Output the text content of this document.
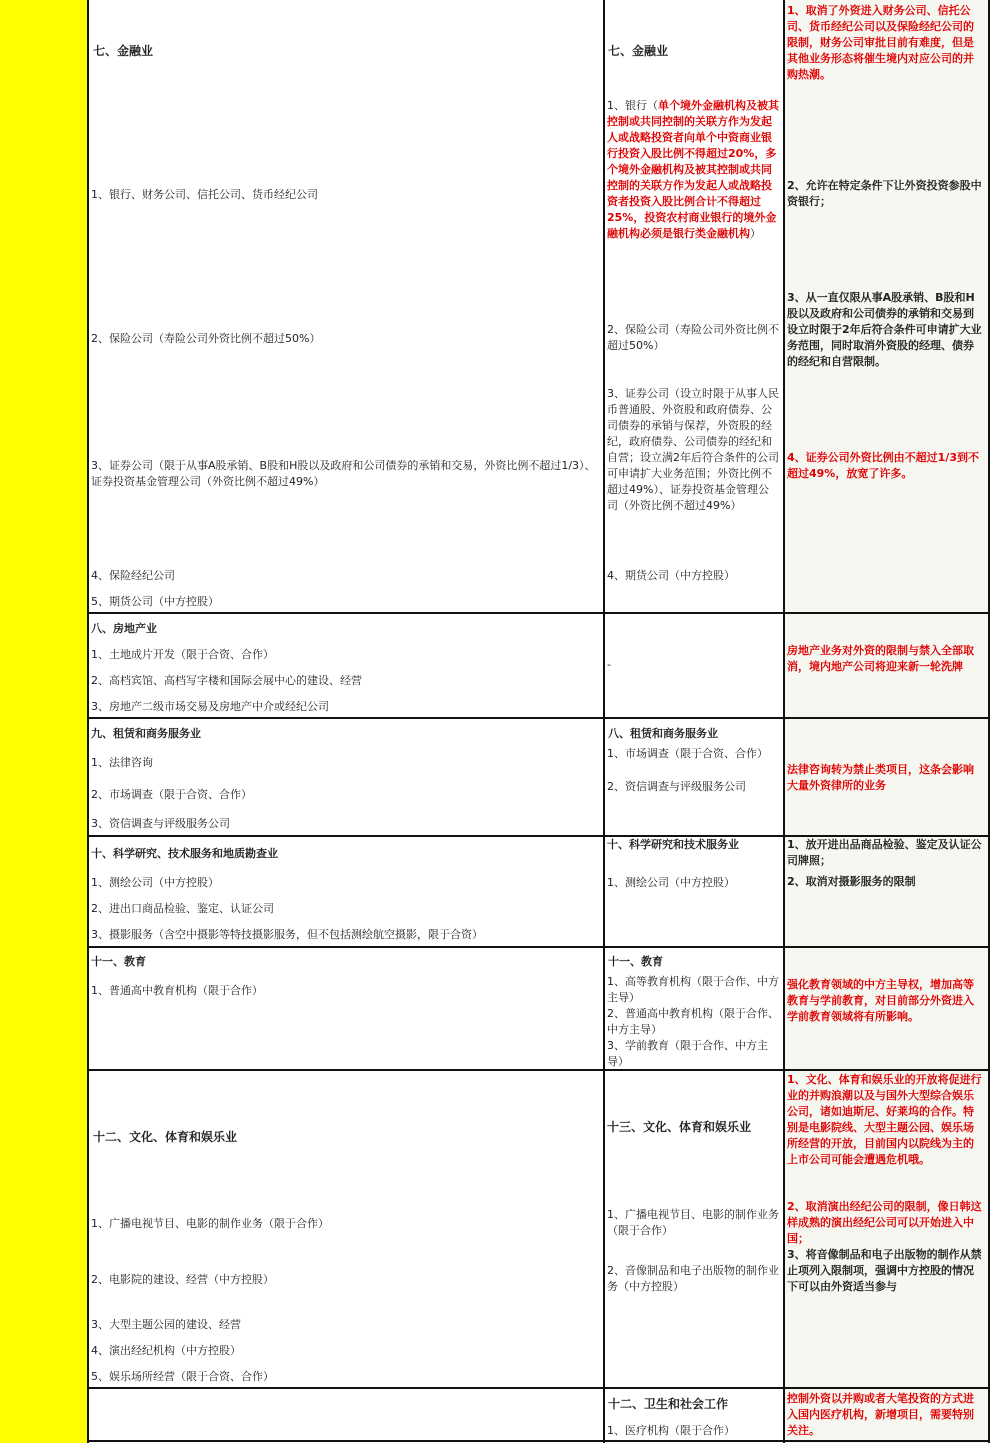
七、金融业
1、银行、财务公司、信托公司、货币经纪公司
2、保险公司（寿险公司外资比例不超过50%）
3、证券公司（限于从事A股承销、B股和H股以及政府和公司债券的承销和交易，外资比例不超过1/3）、证券投资基金管理公司（外资比例不超过49%）
4、保险经纪公司
5、期货公司（中方控股）
七、金融业
1、银行（单个境外金融机构及被其控制或共同控制的关联方作为发起人或战略投资者向单个中资商业银行投资入股比例不得超过20%，多个境外金融机构及被其控制或共同控制的关联方作为发起人或战略投资者投资入股比例合计不得超过25%，投资农村商业银行的境外金融机构必须是银行类金融机构）
2、保险公司（寿险公司外资比例不超过50%）
3、证券公司（设立时限于从事人民币普通股、外资股和政府债券、公司债券的承销与保荐，外资股的经纪，政府债券、公司债券的经纪和自营；设立满2年后符合条件的公司可申请扩大业务范围；外资比例不超过49%）、证券投资基金管理公司（外资比例不超过49%）
4、期货公司（中方控股）
1、取消了外资进入财务公司、信托公司、货币经纪公司以及保险经纪公司的限制，财务公司审批目前有难度，但是其他业务形态将催生境内对应公司的并购热潮。
2、允许在特定条件下让外资投资参股中资银行；
3、从一直仅限从事A股承销、B股和H股以及政府和公司债券的承销和交易到设立时限于2年后符合条件可申请扩大业务范围，同时取消外资股的经理、债券的经纪和自营限制。
4、证券公司外资比例由不超过1/3到不超过49%，放宽了许多。
八、房地产业
1、土地成片开发（限于合资、合作）
2、高档宾馆、高档写字楼和国际会展中心的建设、经营
3、房地产二级市场交易及房地产中介或经纪公司
-
房地产业务对外资的限制与禁入全部取消，境内地产公司将迎来新一轮洗牌
九、租赁和商务服务业
1、法律咨询
2、市场调查（限于合资、合作）
3、资信调查与评级服务公司
八、租赁和商务服务业
1、市场调查（限于合资、合作）
2、资信调查与评级服务公司
法律咨询转为禁止类项目，这条会影响大量外资律所的业务
十、科学研究、技术服务和地质勘查业
1、测绘公司（中方控股）
2、进出口商品检验、鉴定、认证公司
3、摄影服务（含空中摄影等特技摄影服务，但不包括测绘航空摄影，限于合资）
十、科学研究和技术服务业
1、测绘公司（中方控股）
1、放开进出品商品检验、鉴定及认证公司牌照；
2、取消对摄影服务的限制
十一、教育
1、普通高中教育机构（限于合作）
十一、教育
1、高等教育机构（限于合作、中方主导）
2、普通高中教育机构（限于合作、中方主导）
3、学前教育（限于合作、中方主导）
强化教育领域的中方主导权，增加高等教育与学前教育，对目前部分外资进入学前教育领域将有所影响。
十二、文化、体育和娱乐业
1、广播电视节目、电影的制作业务（限于合作）
2、电影院的建设、经营（中方控股）
3、大型主题公园的建设、经营
4、演出经纪机构（中方控股）
5、娱乐场所经营（限于合资、合作）
十三、文化、体育和娱乐业
1、广播电视节目、电影的制作业务（限于合作）
2、音像制品和电子出版物的制作业务（中方控股）
1、文化、体育和娱乐业的开放将促进行业的并购浪潮以及与国外大型综合娱乐公司，诸如迪斯尼、好莱坞的合作。特别是电影院线、大型主题公园、娱乐场所经营的开放，目前国内以院线为主的上市公司可能会遭遇危机哦。
2、取消演出经纪公司的限制，像日韩这样成熟的演出经纪公司可以开始进入中国；
3、将音像制品和电子出版物的制作从禁止项列入限制项，强调中方控股的情况下可以由外资适当参与
十二、卫生和社会工作
1、医疗机构（限于合作）
控制外资以并购或者大笔投资的方式进入国内医疗机构，新增项目，需要特别关注。
